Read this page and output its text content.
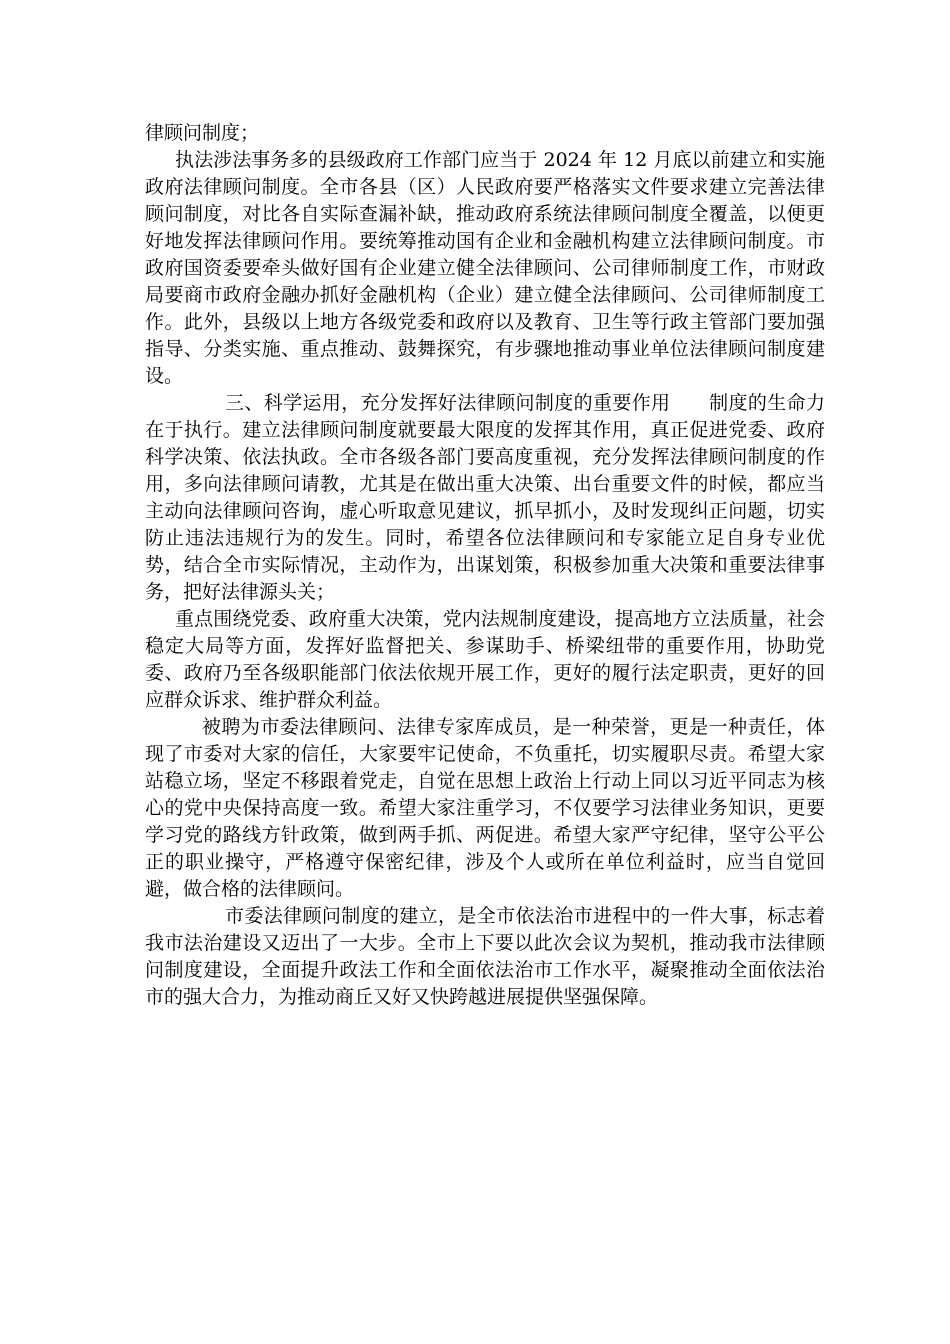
律顾问制度；

执法涉法事务多的县级政府工作部门应当于 2024 年 12 月底以前建立和实施政府法律顾问制度。全市各县（区）人民政府要严格落实文件要求建立完善法律顾问制度，对比各自实际查漏补缺，推动政府系统法律顾问制度全覆盖，以便更好地发挥法律顾问作用。要统筹推动国有企业和金融机构建立法律顾问制度。市政府国资委要牵头做好国有企业建立健全法律顾问、公司律师制度工作，市财政局要商市政府金融办抓好金融机构（企业）建立健全法律顾问、公司律师制度工作。此外，县级以上地方各级党委和政府以及教育、卫生等行政主管部门要加强指导、分类实施、重点推动、鼓舞探究，有步骤地推动事业单位法律顾问制度建设。

三、科学运用，充分发挥好法律顾问制度的重要作用　　制度的生命力在于执行。建立法律顾问制度就要最大限度的发挥其作用，真正促进党委、政府科学决策、依法执政。全市各级各部门要高度重视，充分发挥法律顾问制度的作用，多向法律顾问请教，尤其是在做出重大决策、出台重要文件的时候，都应当主动向法律顾问咨询，虚心听取意见建议，抓早抓小，及时发现纠正问题，切实防止违法违规行为的发生。同时，希望各位法律顾问和专家能立足自身专业优势，结合全市实际情况，主动作为，出谋划策，积极参加重大决策和重要法律事务，把好法律源头关；

重点围绕党委、政府重大决策，党内法规制度建设，提高地方立法质量，社会稳定大局等方面，发挥好监督把关、参谋助手、桥梁纽带的重要作用，协助党委、政府乃至各级职能部门依法依规开展工作，更好的履行法定职责，更好的回应群众诉求、维护群众利益。

被聘为市委法律顾问、法律专家库成员，是一种荣誉，更是一种责任，体现了市委对大家的信任，大家要牢记使命，不负重托，切实履职尽责。希望大家站稳立场，坚定不移跟着党走，自觉在思想上政治上行动上同以习近平同志为核心的党中央保持高度一致。希望大家注重学习，不仅要学习法律业务知识，更要学习党的路线方针政策，做到两手抓、两促进。希望大家严守纪律，坚守公平公正的职业操守，严格遵守保密纪律，涉及个人或所在单位利益时，应当自觉回避，做合格的法律顾问。

市委法律顾问制度的建立，是全市依法治市进程中的一件大事，标志着我市法治建设又迈出了一大步。全市上下要以此次会议为契机，推动我市法律顾问制度建设，全面提升政法工作和全面依法治市工作水平，凝聚推动全面依法治市的强大合力，为推动商丘又好又快跨越进展提供坚强保障。
